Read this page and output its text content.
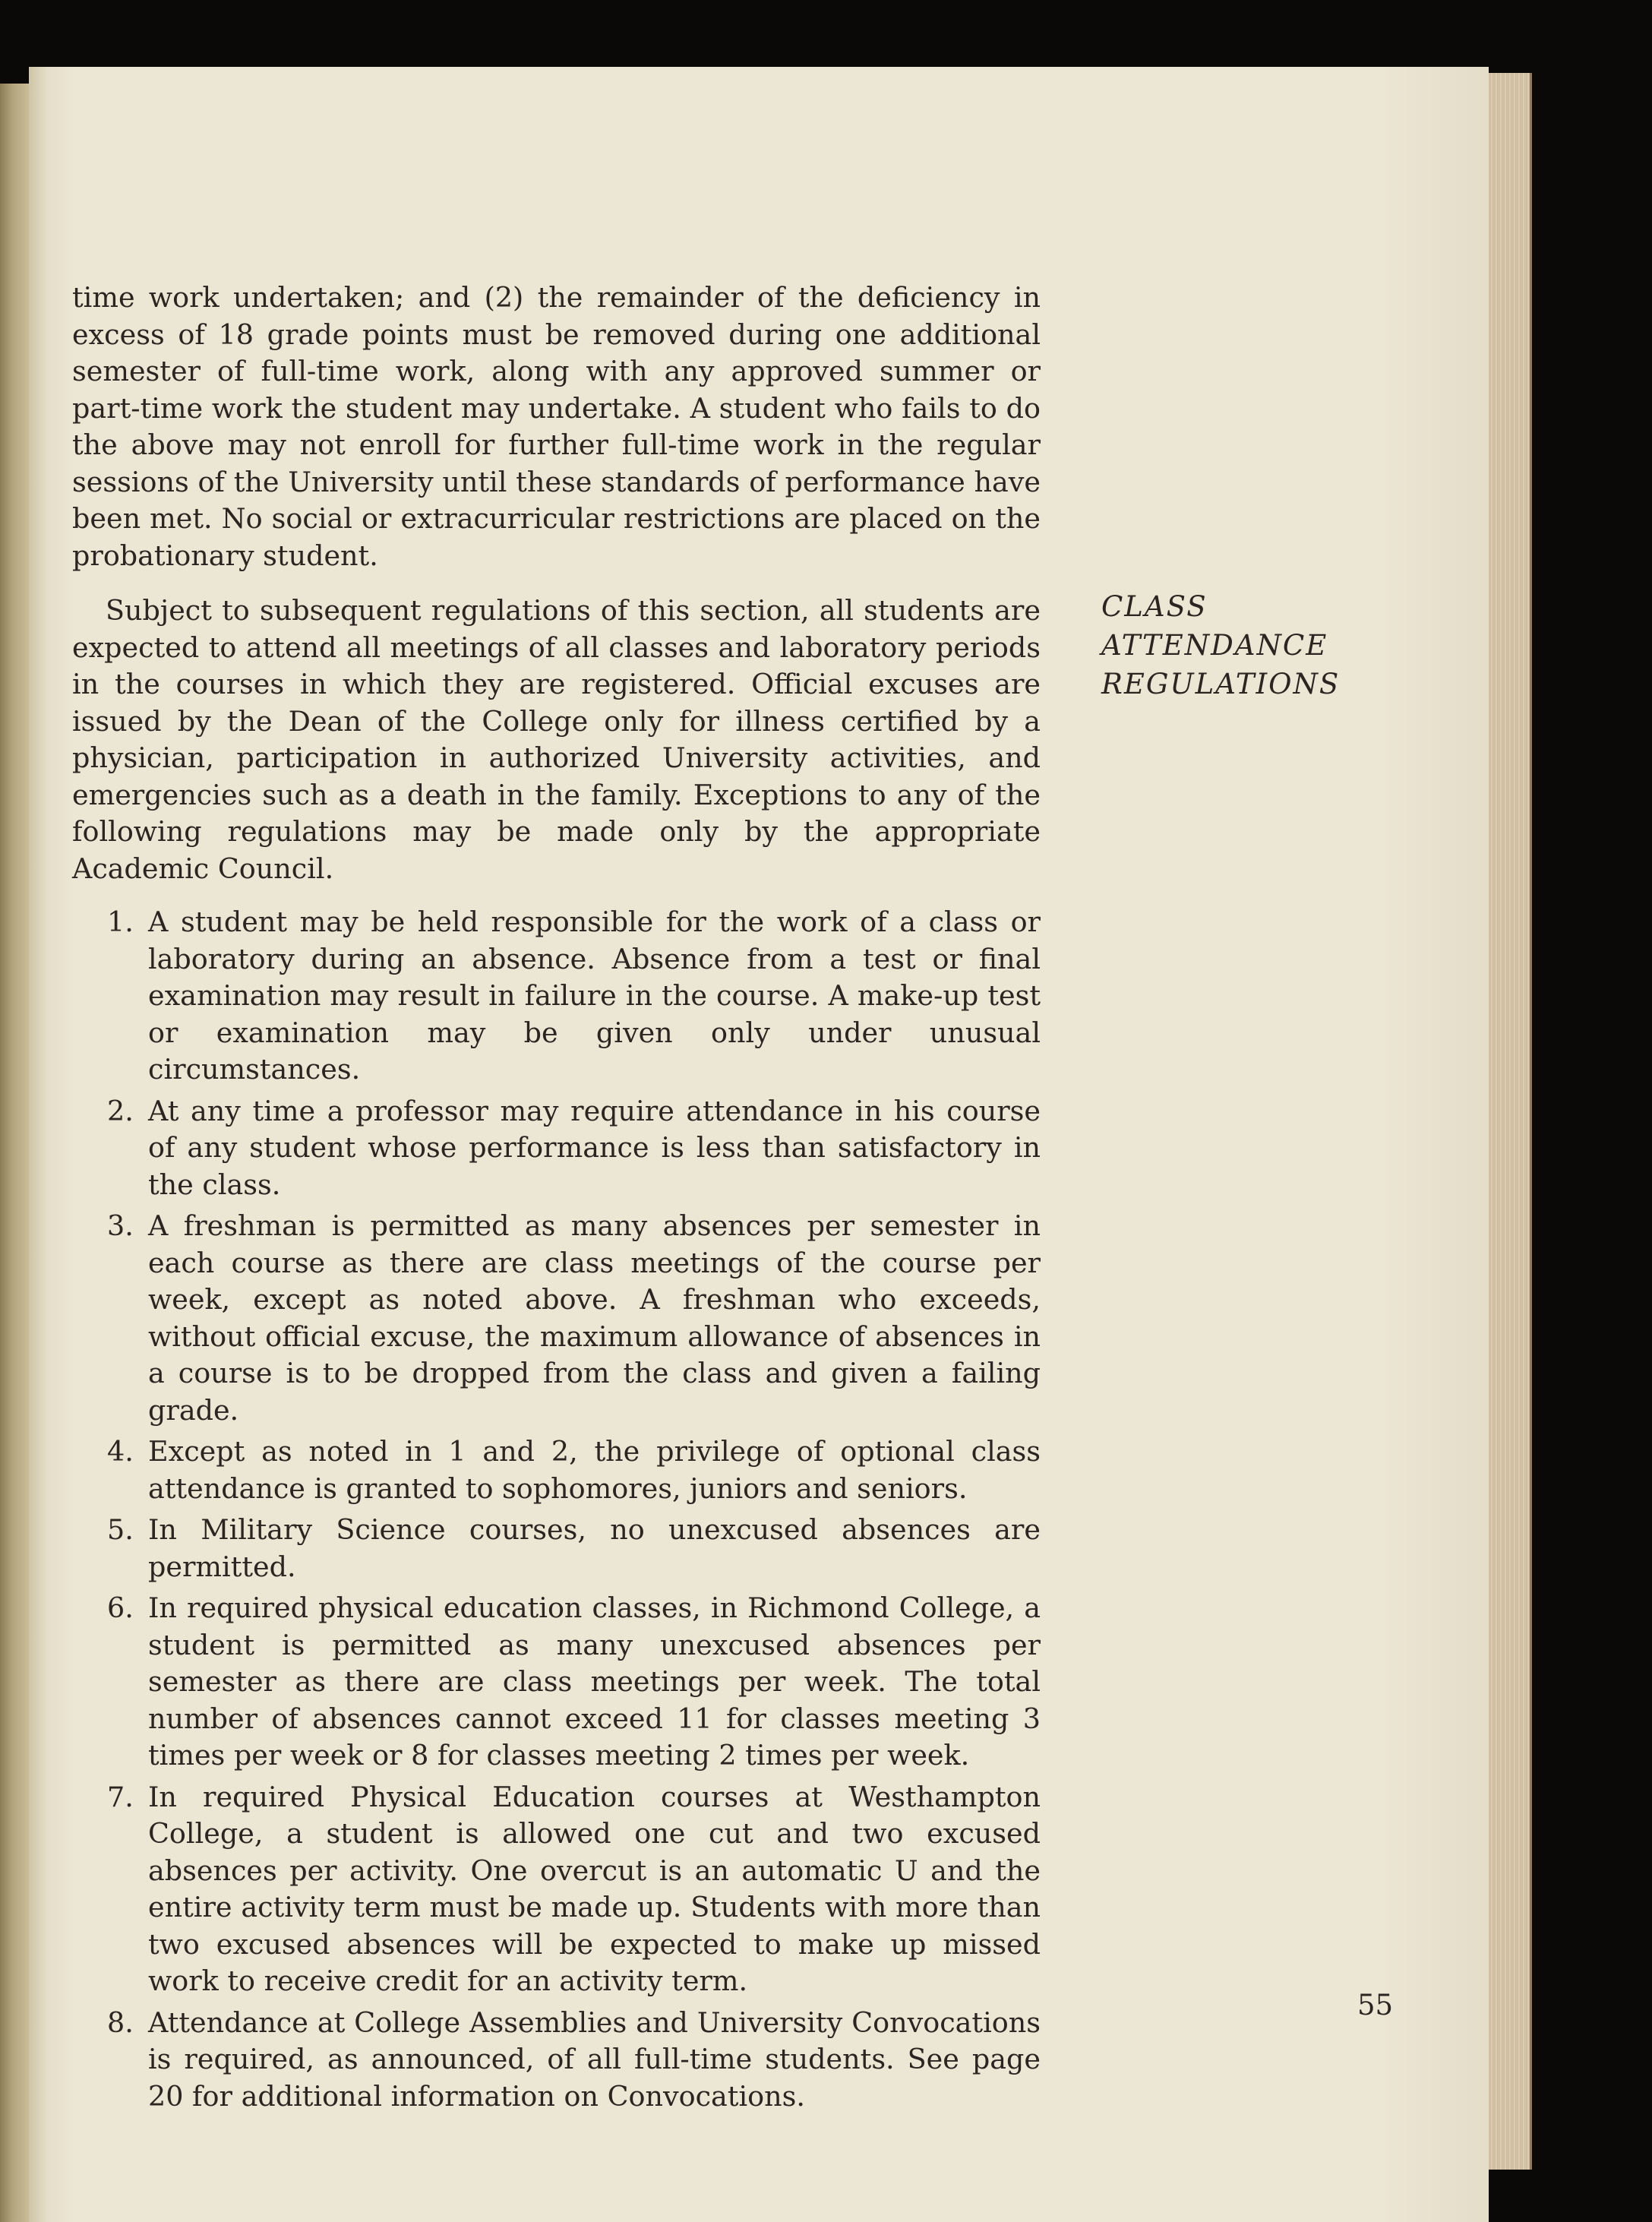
time work undertaken; and (2) the remainder of the deficiency in excess of 18 grade points must be removed during one additional semester of full-time work, along with any approved summer or part-time work the student may undertake. A student who fails to do the above may not enroll for further full-time work in the regular sessions of the University until these standards of performance have been met. No social or extracurricular restrictions are placed on the probationary student.

CLASS
ATTENDANCE
REGULATIONS

Subject to subsequent regulations of this section, all students are expected to attend all meetings of all classes and laboratory periods in the courses in which they are registered. Official excuses are issued by the Dean of the College only for illness certified by a physician, participation in authorized University activities, and emergencies such as a death in the family. Exceptions to any of the following regulations may be made only by the appropriate Academic Council.

1. A student may be held responsible for the work of a class or laboratory during an absence. Absence from a test or final examination may result in failure in the course. A make-up test or examination may be given only under unusual circumstances.
2. At any time a professor may require attendance in his course of any student whose performance is less than satisfactory in the class.
3. A freshman is permitted as many absences per semester in each course as there are class meetings of the course per week, except as noted above. A freshman who exceeds, without official excuse, the maximum allowance of absences in a course is to be dropped from the class and given a failing grade.
4. Except as noted in 1 and 2, the privilege of optional class attendance is granted to sophomores, juniors and seniors.
5. In Military Science courses, no unexcused absences are permitted.
6. In required physical education classes, in Richmond College, a student is permitted as many unexcused absences per semester as there are class meetings per week. The total number of absences cannot exceed 11 for classes meeting 3 times per week or 8 for classes meeting 2 times per week.
7. In required Physical Education courses at Westhampton College, a student is allowed one cut and two excused absences per activity. One overcut is an automatic U and the entire activity term must be made up. Students with more than two excused absences will be expected to make up missed work to receive credit for an activity term.
8. Attendance at College Assemblies and University Convocations is required, as announced, of all full-time students. See page 20 for additional information on Convocations.
55
